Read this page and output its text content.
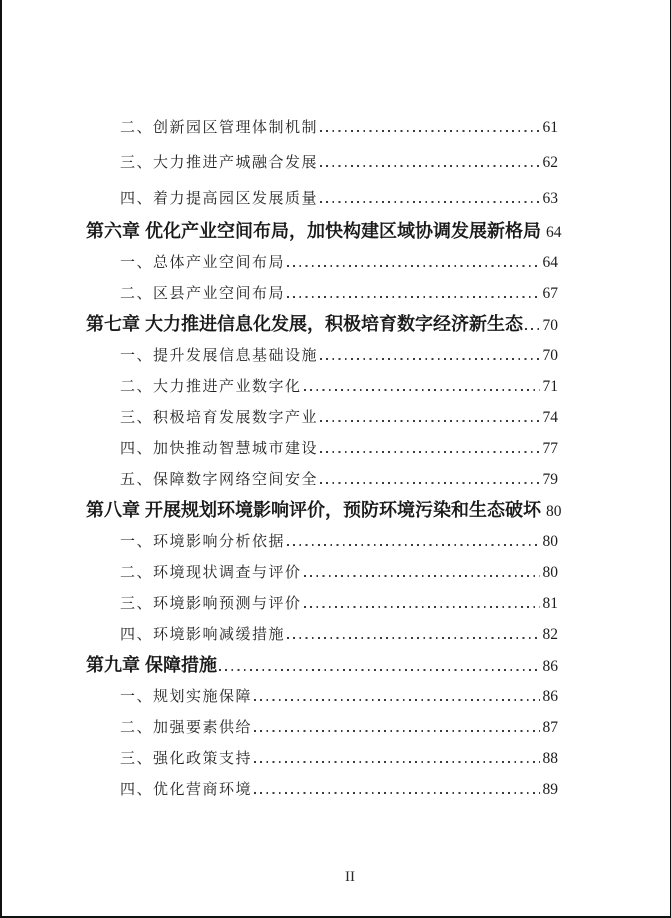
二、创新园区管理体制机制	61
三、大力推进产城融合发展	62
四、着力提高园区发展质量	63
第六章 优化产业空间布局，加快构建区域协调发展新格局 64
一、总体产业空间布局	64
二、区县产业空间布局	67
第七章 大力推进信息化发展，积极培育数字经济新生态 70
一、提升发展信息基础设施	70
二、大力推进产业数字化	71
三、积极培育发展数字产业	74
四、加快推动智慧城市建设	77
五、保障数字网络空间安全	79
第八章 开展规划环境影响评价，预防环境污染和生态破坏 80
一、环境影响分析依据	80
二、环境现状调查与评价	80
三、环境影响预测与评价	81
四、环境影响减缓措施	82
第九章 保障措施	86
一、规划实施保障	86
二、加强要素供给	87
三、强化政策支持	88
四、优化营商环境	89
II
